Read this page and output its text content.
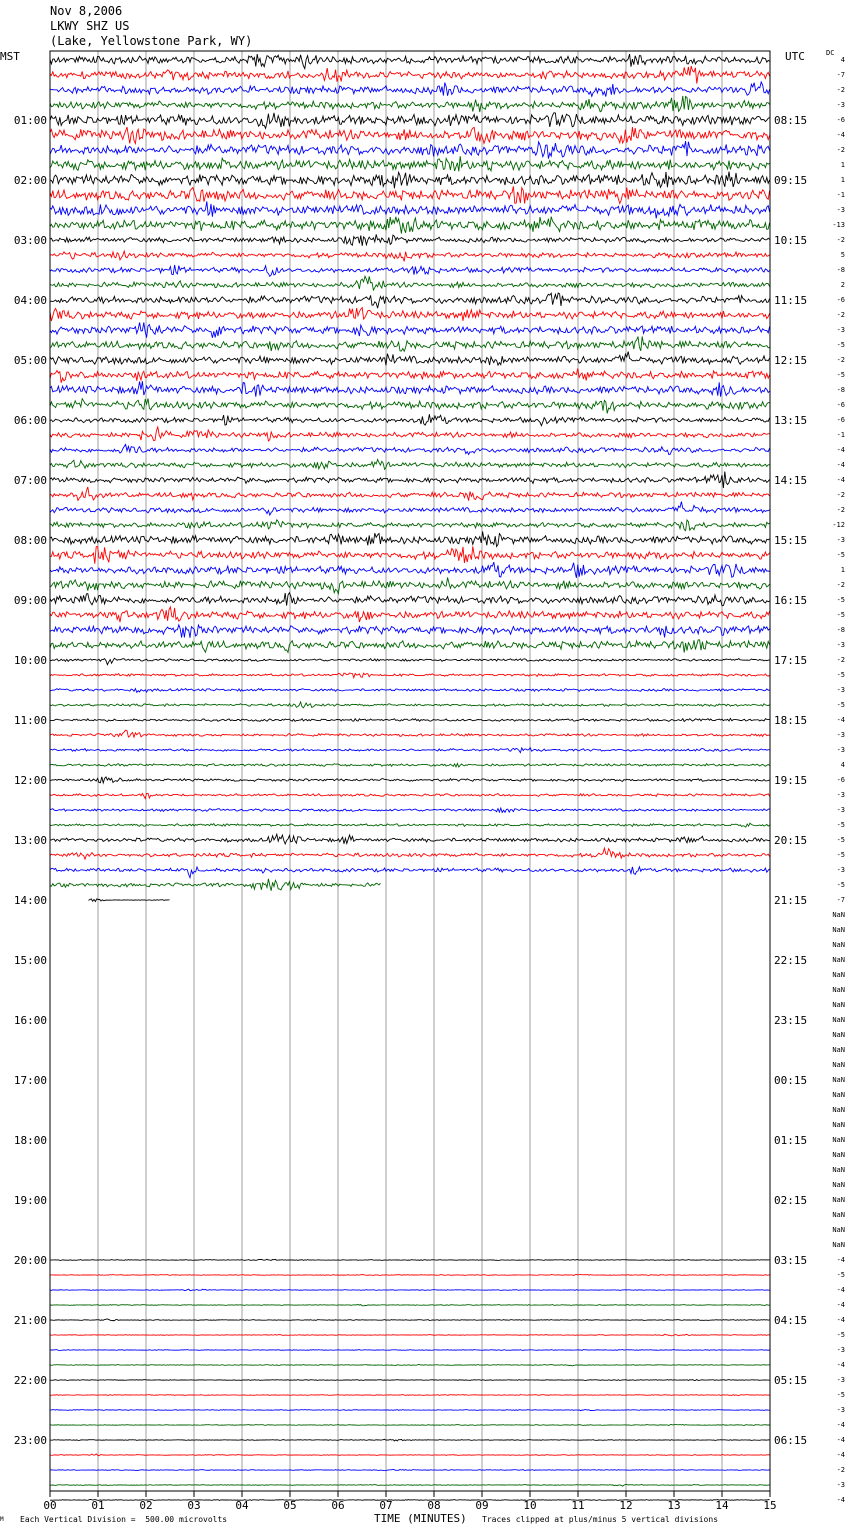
Nov 8,2006
LKWY SHZ US
(Lake, Yellowstone Park, WY)
MST	UTC	DC
00	01	02	03	04	05	06	07	08	09	10	11	12	13	14	15
01:00
02:00
03:00
04:00
05:00
06:00
07:00
08:00
09:00
10:00
11:00
12:00
13:00
14:00
15:00
16:00
17:00
18:00
19:00
20:00
21:00
22:00
23:00
08:15
09:15
10:15
11:15
12:15
13:15
14:15
15:15
16:15
17:15
18:15
19:15
20:15
21:15
22:15
23:15
00:15
01:15
02:15
03:15
04:15
05:15
06:15
4
-7
-2
-3
-6
-4
-2
1
1
-1
-3
-13
-2
5
-8
2
-6
-2
-3
-5
-2
-5
-8
-6
-6
-1
-4
-4
-4
-2
-2
-12
-3
-5
1
-2
-5
-5
-8
-3
-2
-5
-3
-5
-4
-3
-3
4
-6
-3
-3
-5
-5
-5
-3
-5
-7
NaN
NaN
NaN
NaN
NaN
NaN
NaN
NaN
NaN
NaN
NaN
NaN
NaN
NaN
NaN
NaN
NaN
NaN
NaN
NaN
NaN
NaN
NaN
-4
-5
-4
-4
-4
-5
-3
-4
-3
-5
-3
-4
-4
-4
-2
-3
-4
M Each Vertical Division =  500.00 microvolts	TIME (MINUTES) Traces clipped at plus/minus 5 vertical divisions
